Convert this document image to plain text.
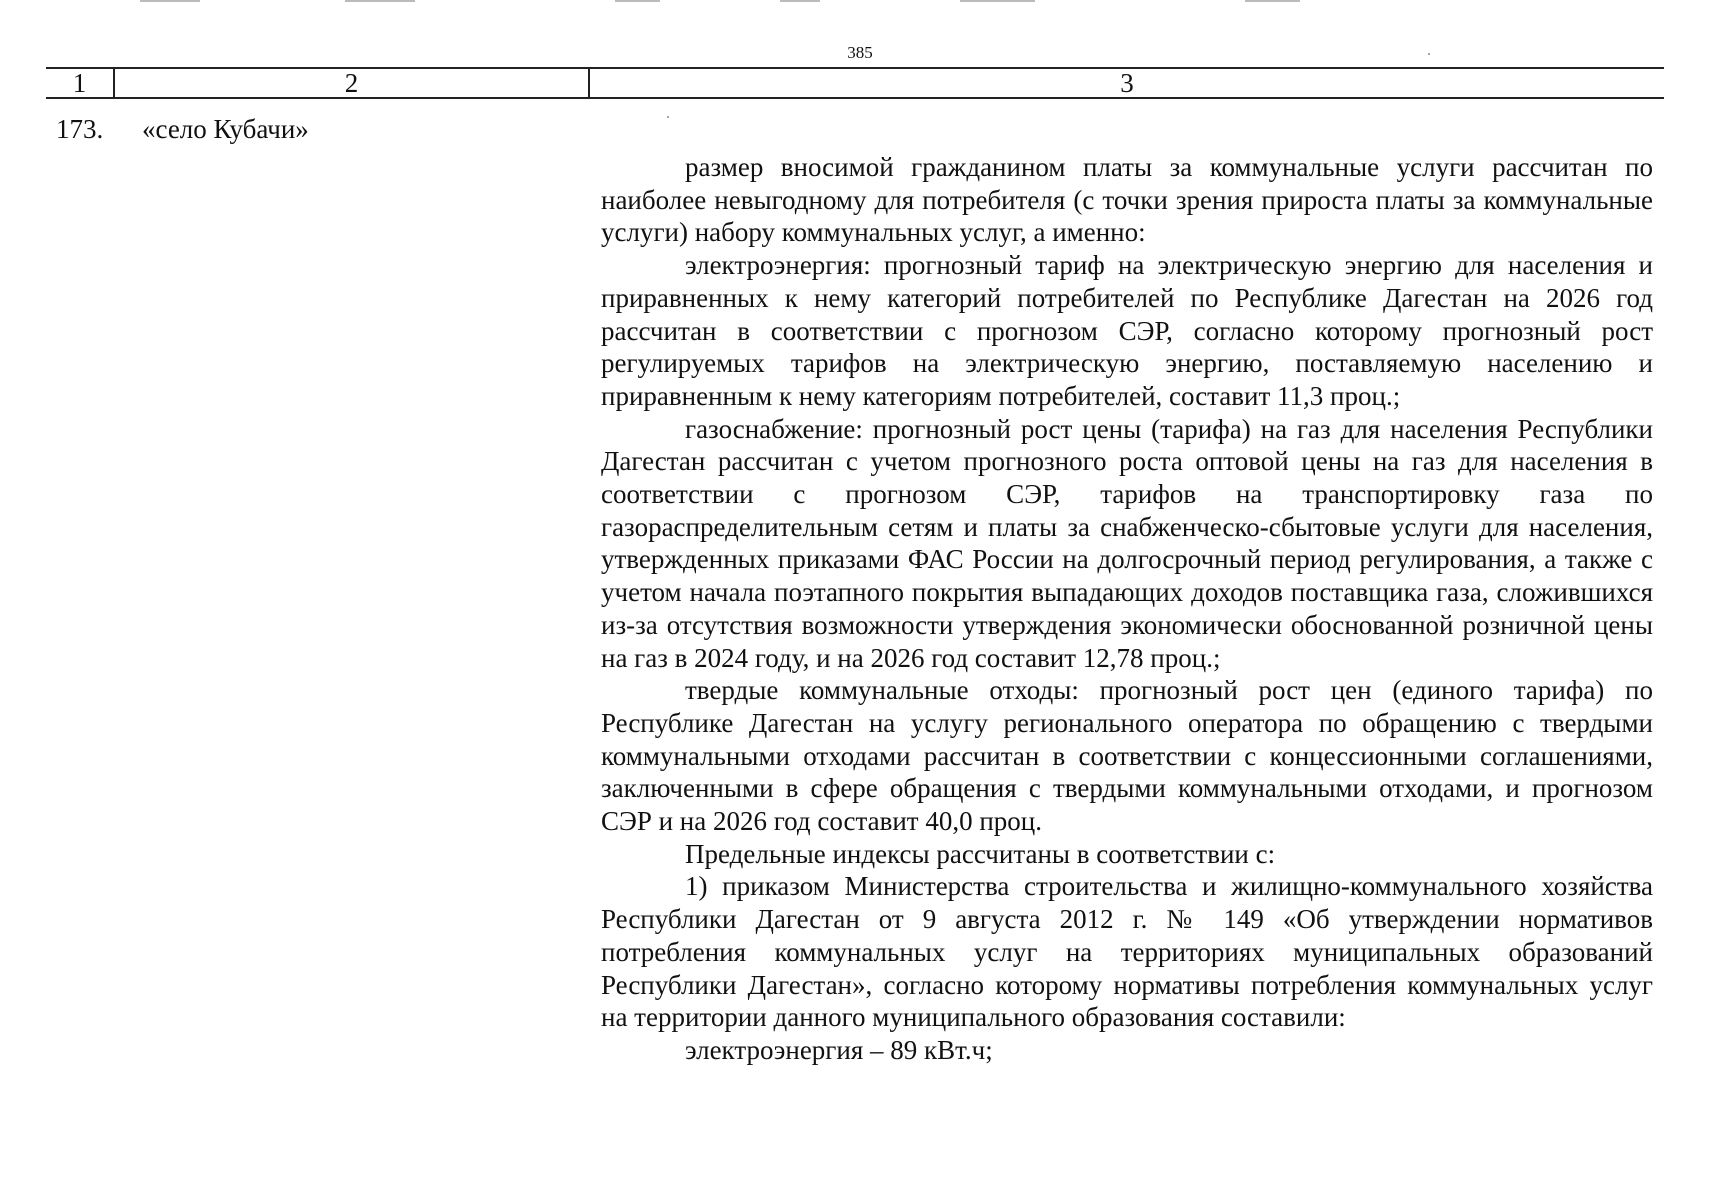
385
1	2	3
173. «село Кубачи»

размер вносимой гражданином платы за коммунальные услуги рассчитан по наиболее невыгодному для потребителя (с точки зрения прироста платы за коммунальные услуги) набору коммунальных услуг, а именно:

электроэнергия: прогнозный тариф на электрическую энергию для населения и приравненных к нему категорий потребителей по Республике Дагестан на 2026 год рассчитан в соответствии с прогнозом СЭР, согласно которому прогнозный рост регулируемых тарифов на электрическую энергию, поставляемую населению и приравненным к нему категориям потребителей, составит 11,3 проц.;

газоснабжение: прогнозный рост цены (тарифа) на газ для населения Республики Дагестан рассчитан с учетом прогнозного роста оптовой цены на газ для населения в соответствии с прогнозом СЭР, тарифов на транспортировку газа по газораспределительным сетям и платы за снабженческо-сбытовые услуги для населения, утвержденных приказами ФАС России на долгосрочный период регулирования, а также с учетом начала поэтапного покрытия выпадающих доходов поставщика газа, сложившихся из-за отсутствия возможности утверждения экономически обоснованной розничной цены на газ в 2024 году, и на 2026 год составит 12,78 проц.;

твердые коммунальные отходы: прогнозный рост цен (единого тарифа) по Республике Дагестан на услугу регионального оператора по обращению с твердыми коммунальными отходами рассчитан в соответствии с концессионными соглашениями, заключенными в сфере обращения с твердыми коммунальными отходами, и прогнозом СЭР и на 2026 год составит 40,0 проц.

Предельные индексы рассчитаны в соответствии с:

1) приказом Министерства строительства и жилищно-коммунального хозяйства Республики Дагестан от 9 августа 2012 г. № 149 «Об утверждении нормативов потребления коммунальных услуг на территориях муниципальных образований Республики Дагестан», согласно которому нормативы потребления коммунальных услуг на территории данного муниципального образования составили:

электроэнергия – 89 кВт.ч;
